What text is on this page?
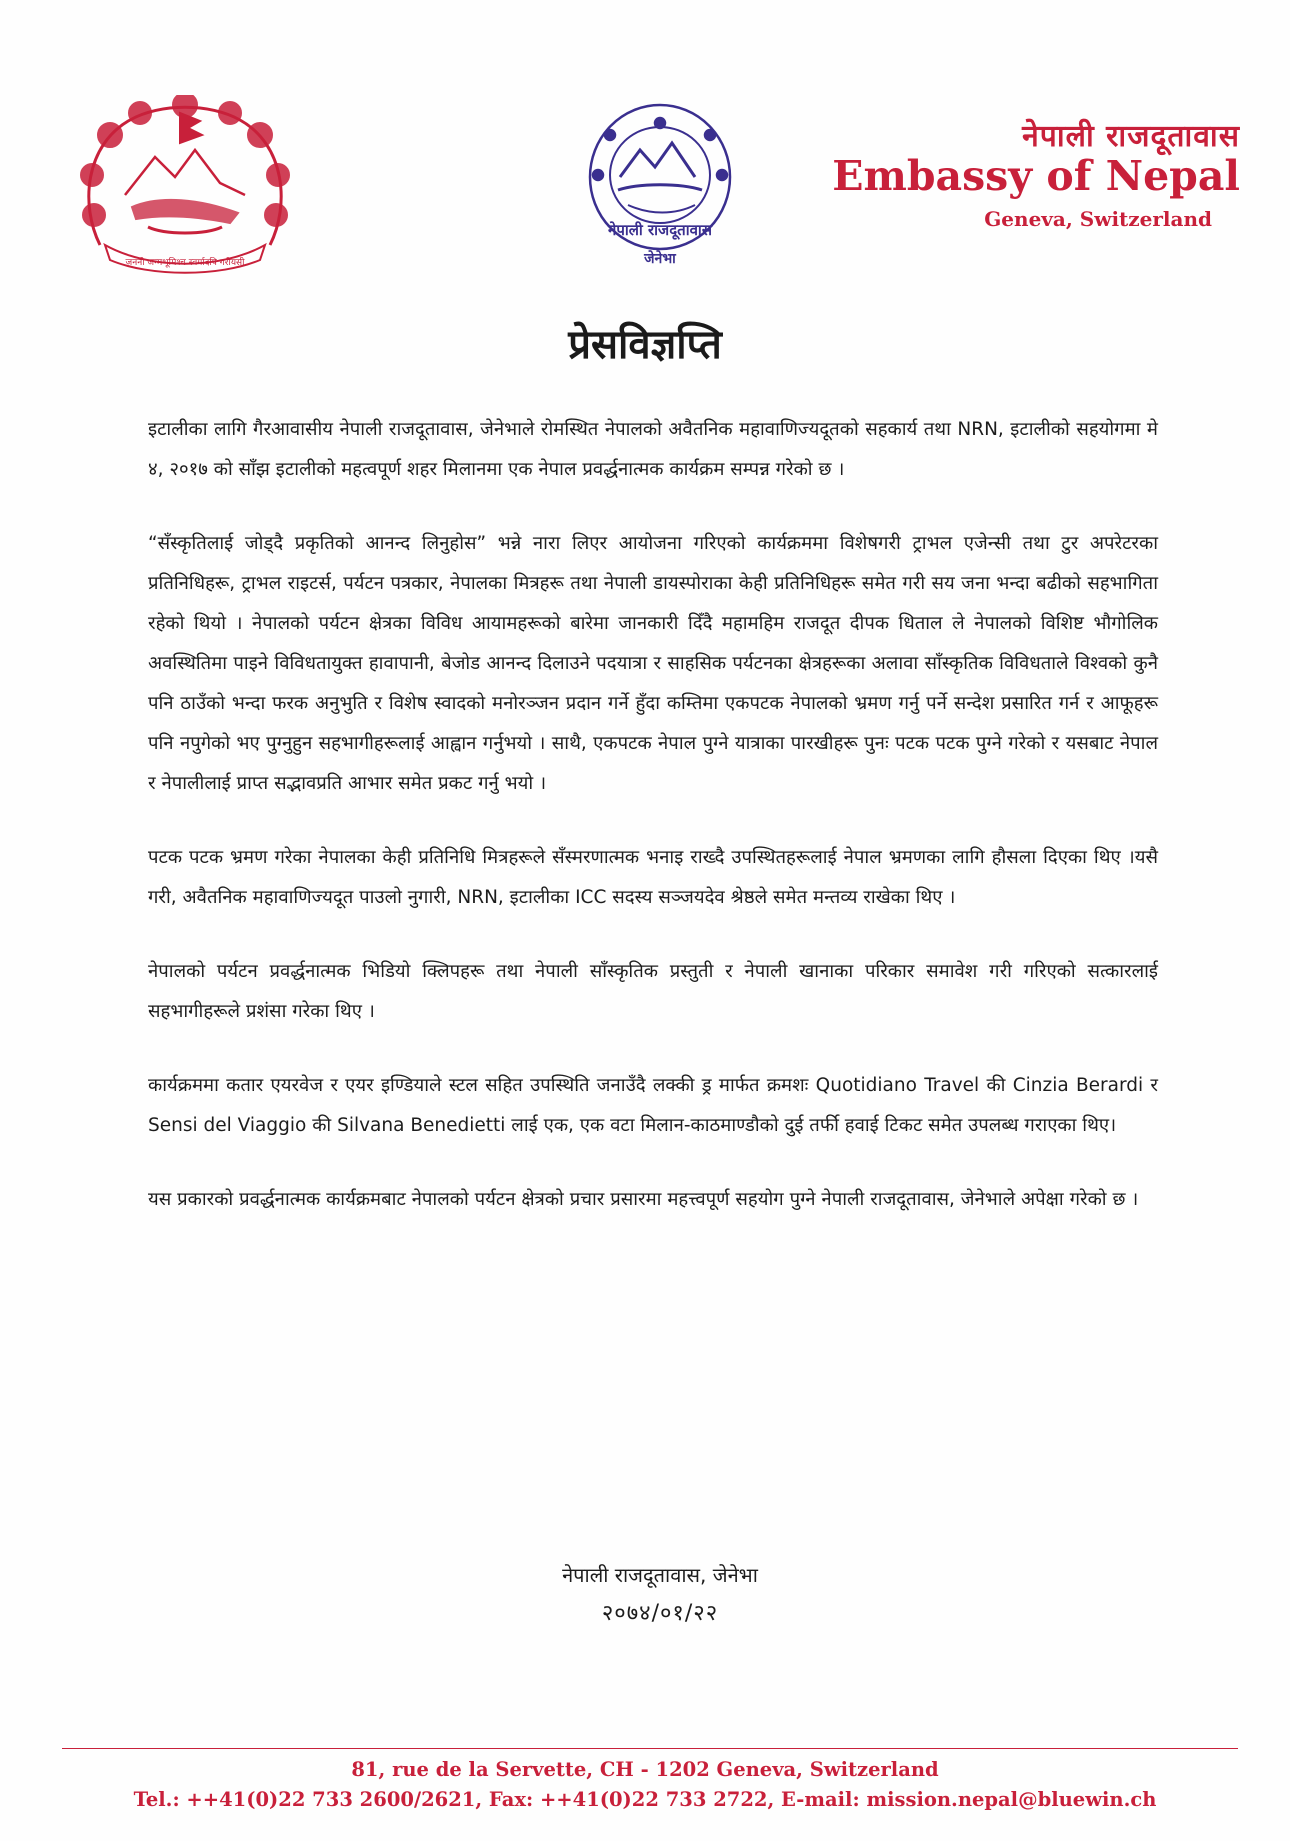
जननी जन्मभूमिश्च स्वर्गादपि गरीयसी
नेपाली राजदूतावास
जेनेभा

नेपाली राजदूतावास

Embassy of Nepal

Geneva, Switzerland

प्रेसविज्ञप्ति

इटालीका लागि गैरआवासीय नेपाली राजदूतावास, जेनेभाले रोमस्थित नेपालको अवैतनिक महावाणिज्यदूतको सहकार्य तथा NRN, इटालीको सहयोगमा मे ४, २०१७ को साँझ इटालीको महत्वपूर्ण शहर मिलानमा एक नेपाल प्रवर्द्धनात्मक कार्यक्रम सम्पन्न गरेको छ ।

“सँस्कृतिलाई जोड्दै प्रकृतिको आनन्द लिनुहोस” भन्ने नारा लिएर आयोजना गरिएको कार्यक्रममा विशेषगरी ट्राभल एजेन्सी तथा टुर अपरेटरका प्रतिनिधिहरू, ट्राभल राइटर्स, पर्यटन पत्रकार, नेपालका मित्रहरू तथा नेपाली डायस्पोराका केही प्रतिनिधिहरू समेत गरी सय जना भन्दा बढीको सहभागिता रहेको थियो । नेपालको पर्यटन क्षेत्रका विविध आयामहरूको बारेमा जानकारी दिँदै महामहिम राजदूत दीपक धिताल ले नेपालको विशिष्ट भौगोलिक अवस्थितिमा पाइने विविधतायुक्त हावापानी, बेजोड आनन्द दिलाउने पदयात्रा र साहसिक पर्यटनका क्षेत्रहरूका अलावा साँस्कृतिक विविधताले विश्वको कुनै पनि ठाउँको भन्दा फरक अनुभुति र विशेष स्वादको मनोरञ्जन प्रदान गर्ने हुँदा कम्तिमा एकपटक नेपालको भ्रमण गर्नु पर्ने सन्देश प्रसारित गर्न र आफूहरू पनि नपुगेको भए पुग्नुहुन सहभागीहरूलाई आह्वान गर्नुभयो । साथै, एकपटक नेपाल पुग्ने यात्राका पारखीहरू पुनः पटक पटक पुग्ने गरेको र यसबाट नेपाल र नेपालीलाई प्राप्त सद्भावप्रति आभार समेत प्रकट गर्नु भयो ।

पटक पटक भ्रमण गरेका नेपालका केही प्रतिनिधि मित्रहरूले सँस्मरणात्मक भनाइ राख्दै उपस्थितहरूलाई नेपाल भ्रमणका लागि हौसला दिएका थिए ।यसै गरी, अवैतनिक महावाणिज्यदूत पाउलो नुगारी, NRN, इटालीका ICC सदस्य सञ्जयदेव श्रेष्ठले समेत मन्तव्य राखेका थिए ।

नेपालको पर्यटन प्रवर्द्धनात्मक भिडियो क्लिपहरू तथा नेपाली साँस्कृतिक प्रस्तुती र नेपाली खानाका परिकार समावेश गरी गरिएको सत्कारलाई सहभागीहरूले प्रशंसा गरेका थिए ।

कार्यक्रममा कतार एयरवेज र एयर इण्डियाले स्टल सहित उपस्थिति जनाउँदै लक्की ड्र मार्फत क्रमशः Quotidiano Travel की Cinzia Berardi र Sensi del Viaggio की Silvana Benedietti लाई एक, एक वटा मिलान-काठमाण्डौको दुई तर्फी हवाई टिकट समेत उपलब्ध गराएका थिए।

यस प्रकारको प्रवर्द्धनात्मक कार्यक्रमबाट नेपालको पर्यटन क्षेत्रको प्रचार प्रसारमा महत्त्वपूर्ण सहयोग पुग्ने नेपाली राजदूतावास, जेनेभाले अपेक्षा गरेको छ ।

नेपाली राजदूतावास, जेनेभा
२०७४/०१/२२

81, rue de la Servette, CH - 1202 Geneva, Switzerland

Tel.: ++41(0)22 733 2600/2621, Fax: ++41(0)22 733 2722, E-mail: mission.nepal@bluewin.ch
